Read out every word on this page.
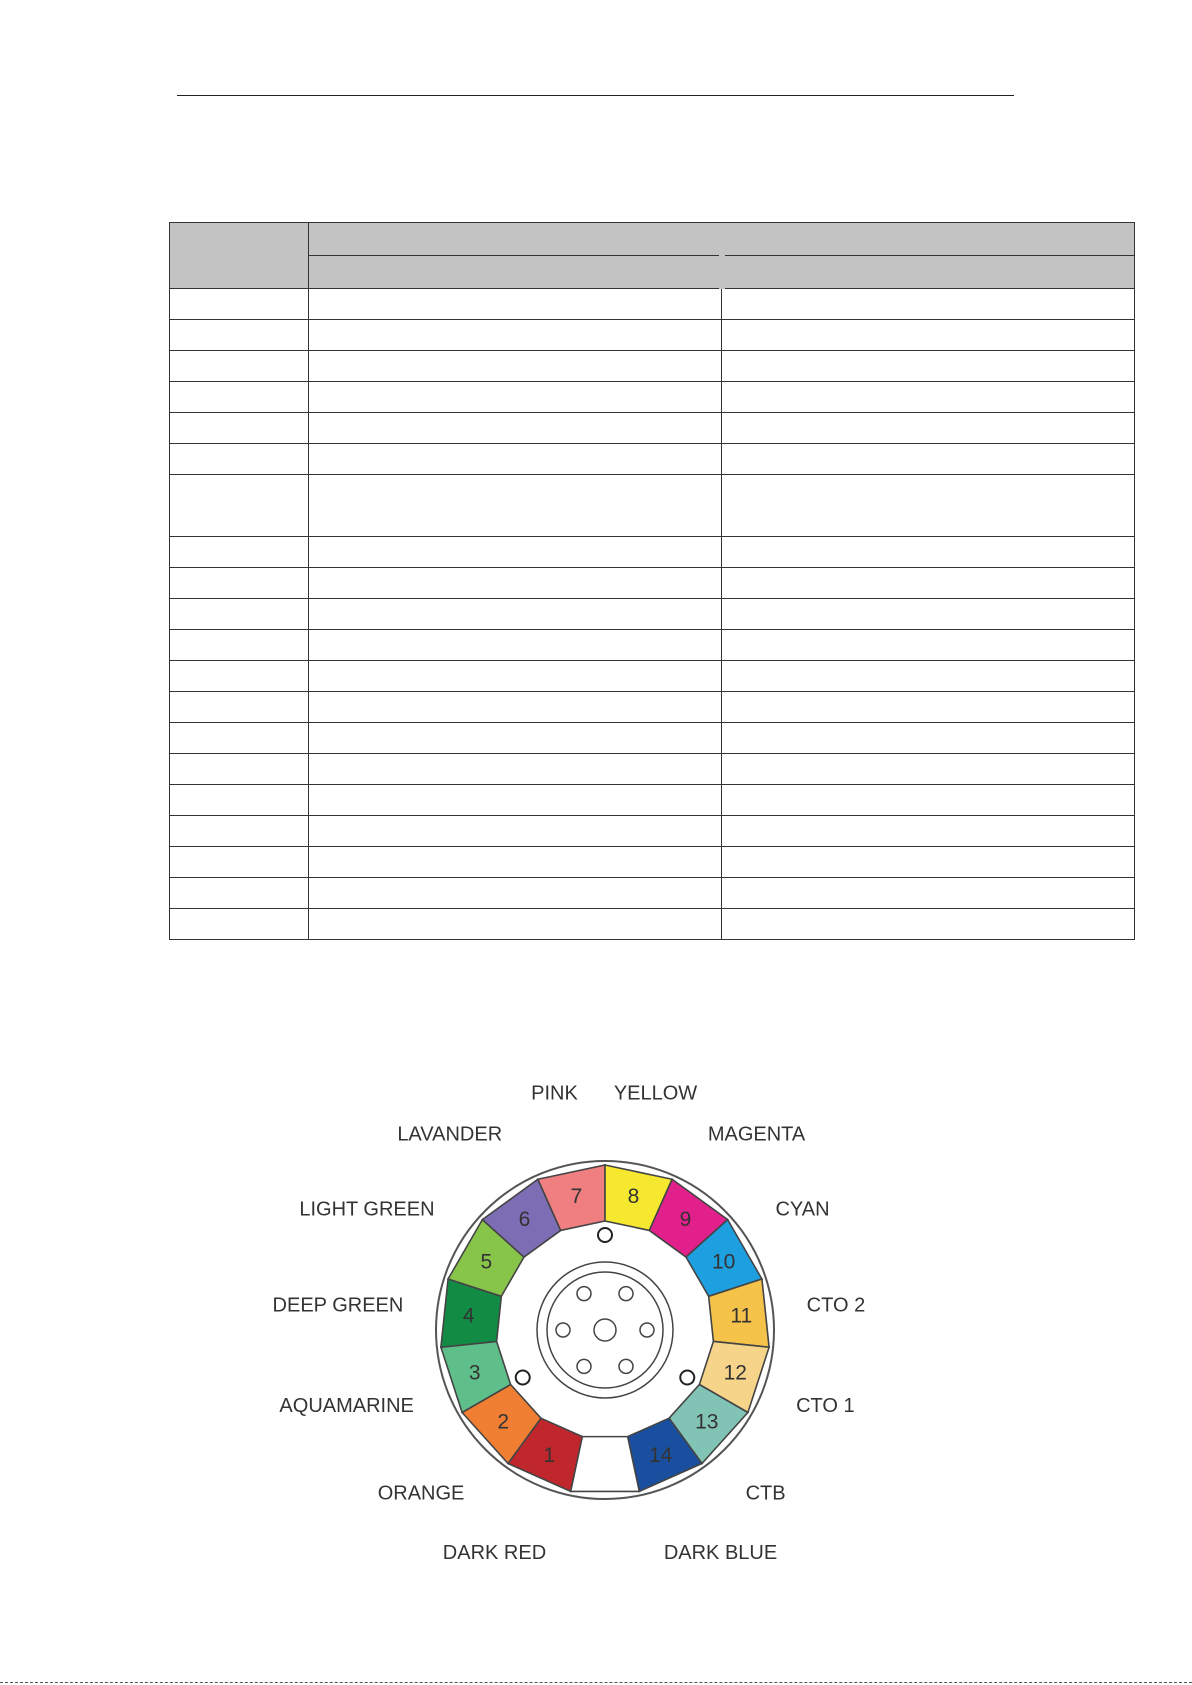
1
DARK RED
2
ORANGE
3
AQUAMARINE
4
DEEP GREEN
5
LIGHT GREEN	6
LAVANDER
7
PINK
8
YELLOW
9
MAGENTA
10
CYAN
11	CTO 2
12
CTO 1
13
CTB
14
DARK BLUE
